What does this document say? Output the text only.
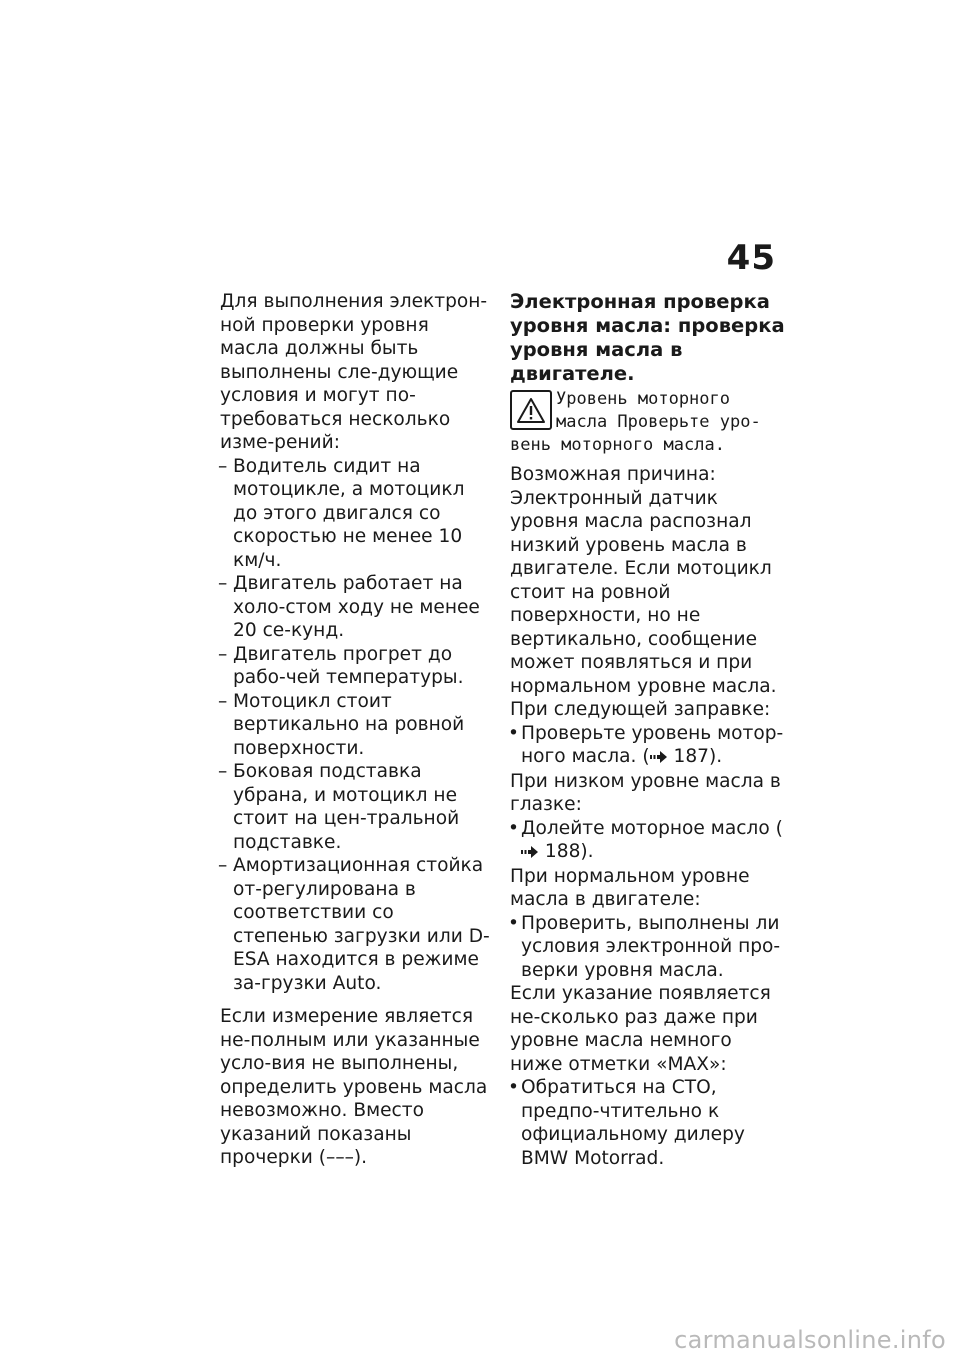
45

Для выполнения электрон-ной проверки уровня масла должны быть выполнены сле-дующие условия и могут по-требоваться несколько изме-рений:

– Водитель сидит на мотоцикле, а мотоцикл до этого двигался со скоростью не менее 10 км/ч.
– Двигатель работает на холо-стом ходу не менее 20 се-кунд.
– Двигатель прогрет до рабо-чей температуры.
– Мотоцикл стоит вертикально на ровной поверхности.
– Боковая подставка убрана, и мотоцикл не стоит на цен-тральной подставке.
– Амортизационная стойка от-регулирована в соответствии со степенью загрузки или D-ESA находится в режиме за-грузки Auto.

Если измерение является не-полным или указанные усло-вия не выполнены, определить уровень масла невозможно. Вместо указаний показаны прочерки (–––).

Электронная проверка уровня масла: проверка уровня масла в двигателе.
Уровень моторного масла Проверьте уро-вень моторного масла.

Возможная причина:

Электронный датчик уровня масла распознал низкий уровень масла в двигателе. Если мотоцикл стоит на ровной поверхности, но не вертикально, сообщение может появляться и при нормальном уровне масла. При следующей заправке:

• Проверьте уровень мотор-ного масла. ( 187).

При низком уровне масла в глазке:

• Долейте моторное масло ( 188).

При нормальном уровне масла в двигателе:

• Проверить, выполнены ли условия электронной про-верки уровня масла.

Если указание появляется не-сколько раз даже при уровне масла немного ниже отметки «MAX»:

• Обратиться на СТО, предпо-чтительно к официальному дилеру BMW Motorrad.
carmanualsonline.info
